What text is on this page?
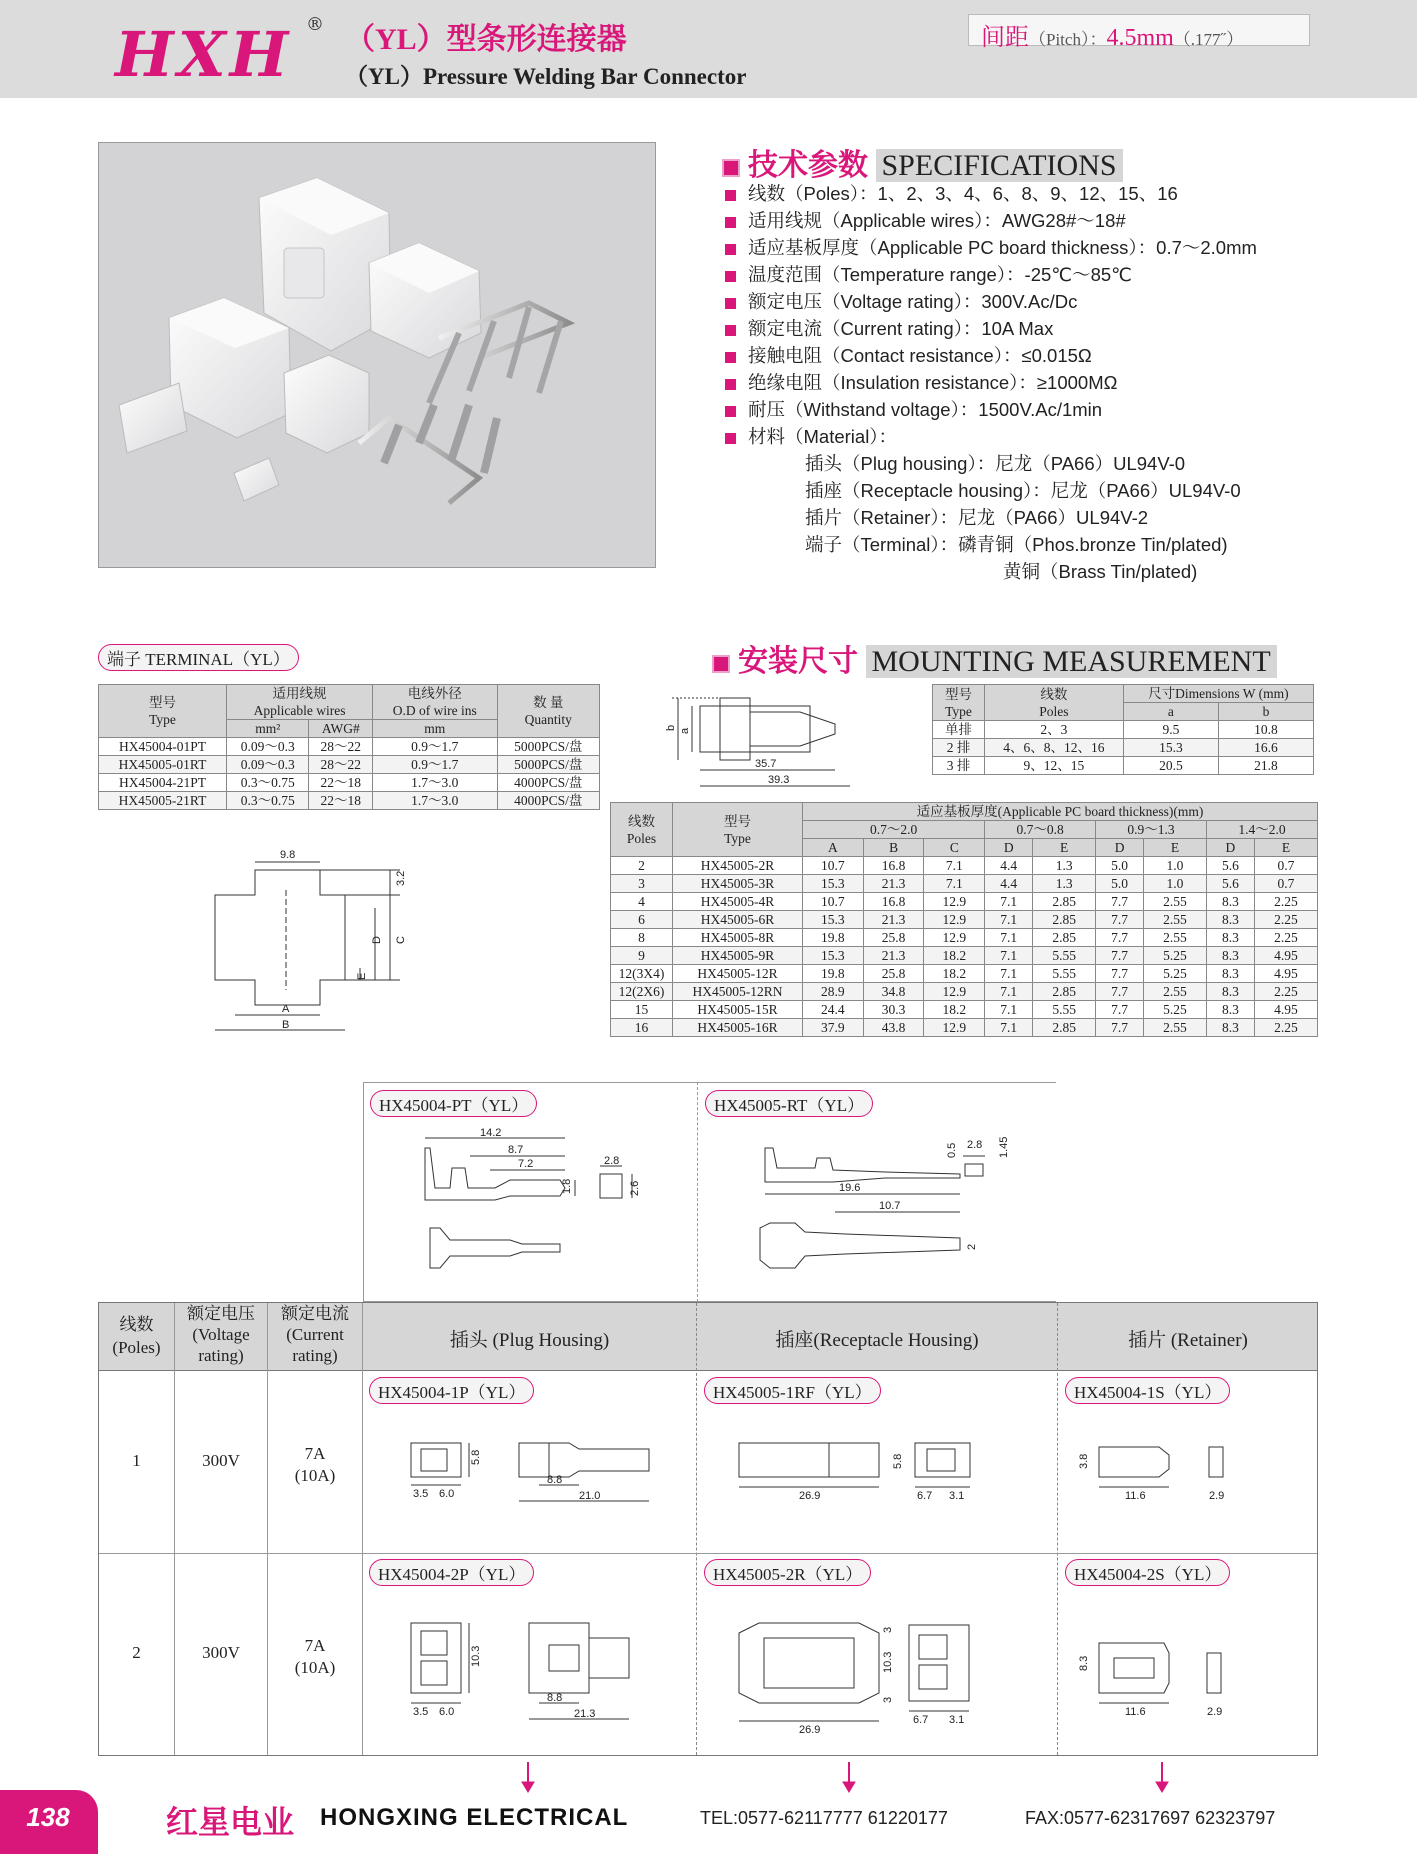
HXH ® （YL）型条形连接器
（YL）Pressure Welding Bar Connector
间距（Pitch）：4.5mm（.177˝）
技术参数 SPECIFICATIONS
线数（Poles）：1、2、3、4、6、8、9、12、15、16
适用线规（Applicable wires）：AWG28#～18#
适应基板厚度（Applicable PC board thickness）：0.7～2.0mm
温度范围（Temperature range）：-25℃～85℃
额定电压（Voltage rating）：300V.Ac/Dc
额定电流（Current rating）：10A Max
接触电阻（Contact resistance）：≤0.015Ω
绝缘电阻（Insulation resistance）：≥1000MΩ
耐压（Withstand voltage）：1500V.Ac/1min
材料（Material）：
插头（Plug housing）：尼龙（PA66）UL94V-0
插座（Receptacle housing）：尼龙（PA66）UL94V-0
插片（Retainer）：尼龙（PA66）UL94V-2
端子（Terminal）：磷青铜（Phos.bronze Tin/plated)
黄铜（Brass Tin/plated)
端子 TERMINAL（YL）
型号
Type	适用线规
Applicable wires		电线外径
O.D of wire ins	数 量
Quantity
	mm²	AWG#	mm	
HX45004-01PT	0.09～0.3	28～22	0.9～1.7	5000PCS/盘
HX45005-01RT	0.09～0.3	28～22	0.9～1.7	5000PCS/盘
HX45004-21PT	0.3～0.75	22～18	1.7～3.0	4000PCS/盘
HX45005-21RT	0.3～0.75	22～18	1.7～3.0	4000PCS/盘
安装尺寸 MOUNTING MEASUREMENT
b a
35.7
39.3
型号
Type	线数
Poles	尺寸Dimensions W (mm)	
		a	b
单排	2、3	9.5	10.8
2 排	4、6、8、12、16	15.3	16.6
3 排	9、12、15	20.5	21.8
9.8
3.2
C
D
E
A
B
线数
Poles	型号
Type	适应基板厚度(Applicable PC board thickness)(mm)								
		0.7～2.0			0.7～0.8		0.9～1.3		1.4～2.0	
		A	B	C	D	E	D	E	D	E
2	HX45005-2R	10.7	16.8	7.1	4.4	1.3	5.0	1.0	5.6	0.7
3	HX45005-3R	15.3	21.3	7.1	4.4	1.3	5.0	1.0	5.6	0.7
4	HX45005-4R	10.7	16.8	12.9	7.1	2.85	7.7	2.55	8.3	2.25
6	HX45005-6R	15.3	21.3	12.9	7.1	2.85	7.7	2.55	8.3	2.25
8	HX45005-8R	19.8	25.8	12.9	7.1	2.85	7.7	2.55	8.3	2.25
9	HX45005-9R	15.3	21.3	18.2	7.1	5.55	7.7	5.25	8.3	4.95
12(3X4)	HX45005-12R	19.8	25.8	18.2	7.1	5.55	7.7	5.25	8.3	4.95
12(2X6)	HX45005-12RN	28.9	34.8	12.9	7.1	2.85	7.7	2.55	8.3	2.25
15	HX45005-15R	24.4	30.3	18.2	7.1	5.55	7.7	5.25	8.3	4.95
16	HX45005-16R	37.9	43.8	12.9	7.1	2.85	7.7	2.55	8.3	2.25
HX45004-PT（YL）	HX45005-RT（YL）
14.2
8.7
7.2	2.8
1.8	2.6
0.5 2.8 1.45
19.6
10.7
2
线数
(Poles)
额定电压
(Voltage
rating)
额定电流
(Current
rating)
插头 (Plug Housing)	插座(Receptacle Housing)	插片 (Retainer)
1	300V	7A
(10A)
HX45004-1P（YL）	HX45005-1RF（YL）	HX45004-1S（YL）
5.8
3.5 6.0
8.8
21.0	26.9
5.8
6.7 3.1
3.8
11.6	2.9
2	300V	7A
(10A)
HX45004-2P（YL）	HX45005-2R（YL）	HX45004-2S（YL）
10.3
3.5 6.0
8.8
21.3
26.9
3
10.3
3
6.7 3.1
8.3
11.6	2.9
138	红星电业 HONGXING ELECTRICAL	TEL:0577-62117777 61220177	FAX:0577-62317697 62323797
